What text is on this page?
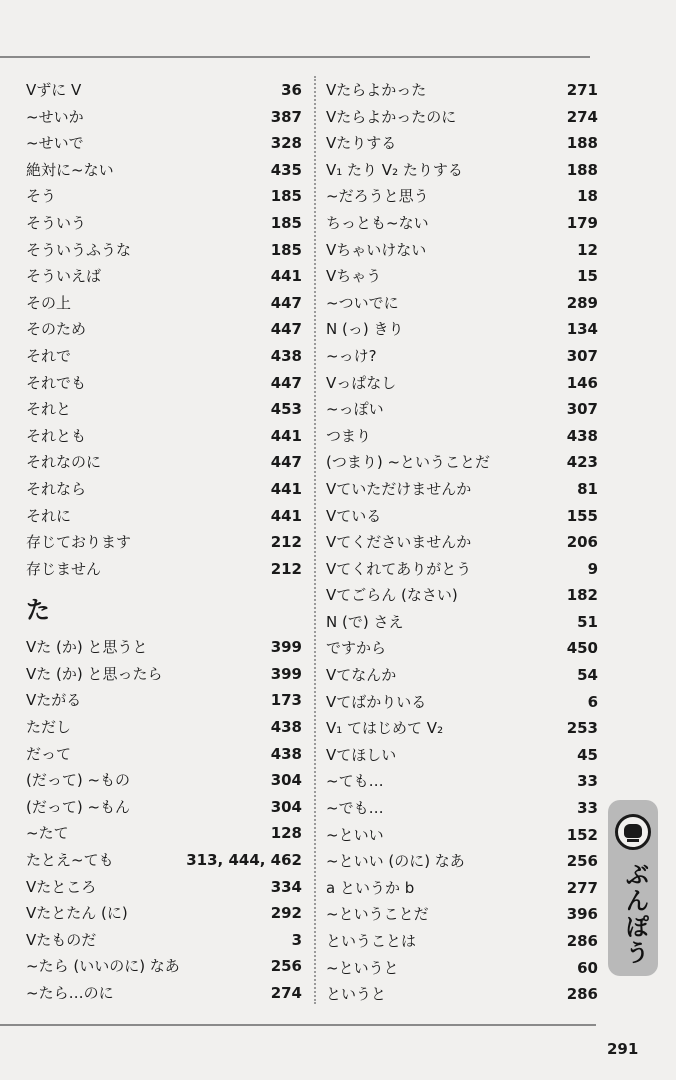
Vずに V	36
~せいか	387
~せいで	328
絶対に~ない	435
そう	185
そういう	185
そういうふうな	185
そういえば	441
その上	447
そのため	447
それで	438
それでも	447
それと	453
それとも	441
それなのに	447
それなら	441
それに	441
存じております	212
存じません	212
た
Vた (か) と思うと	399
Vた (か) と思ったら	399
Vたがる	173
ただし	438
だって	438
(だって) ~もの	304
(だって) ~もん	304
~たて	128
たとえ~ても	313, 444, 462
Vたところ	334
Vたとたん (に)	292
Vたものだ	3
~たら (いいのに) なあ	256
~たら…のに	274
Vたらよかった	271
Vたらよかったのに	274
Vたりする	188
V₁ たり V₂ たりする	188
~だろうと思う	18
ちっとも~ない	179
Vちゃいけない	12
Vちゃう	15
~ついでに	289
N (っ) きり	134
~っけ?	307
Vっぱなし	146
~っぽい	307
つまり	438
(つまり) ~ということだ	423
Vていただけませんか	81
Vている	155
Vてくださいませんか	206
Vてくれてありがとう	9
Vてごらん (なさい)	182
N (で) さえ	51
ですから	450
Vてなんか	54
Vてばかりいる	6
V₁ てはじめて V₂	253
Vてほしい	45
~ても…	33
~でも…	33
~といい	152
~といい (のに) なあ	256
a というか b	277
~ということだ	396
ということは	286
~というと	60
というと	286
ぶんぽう
291
